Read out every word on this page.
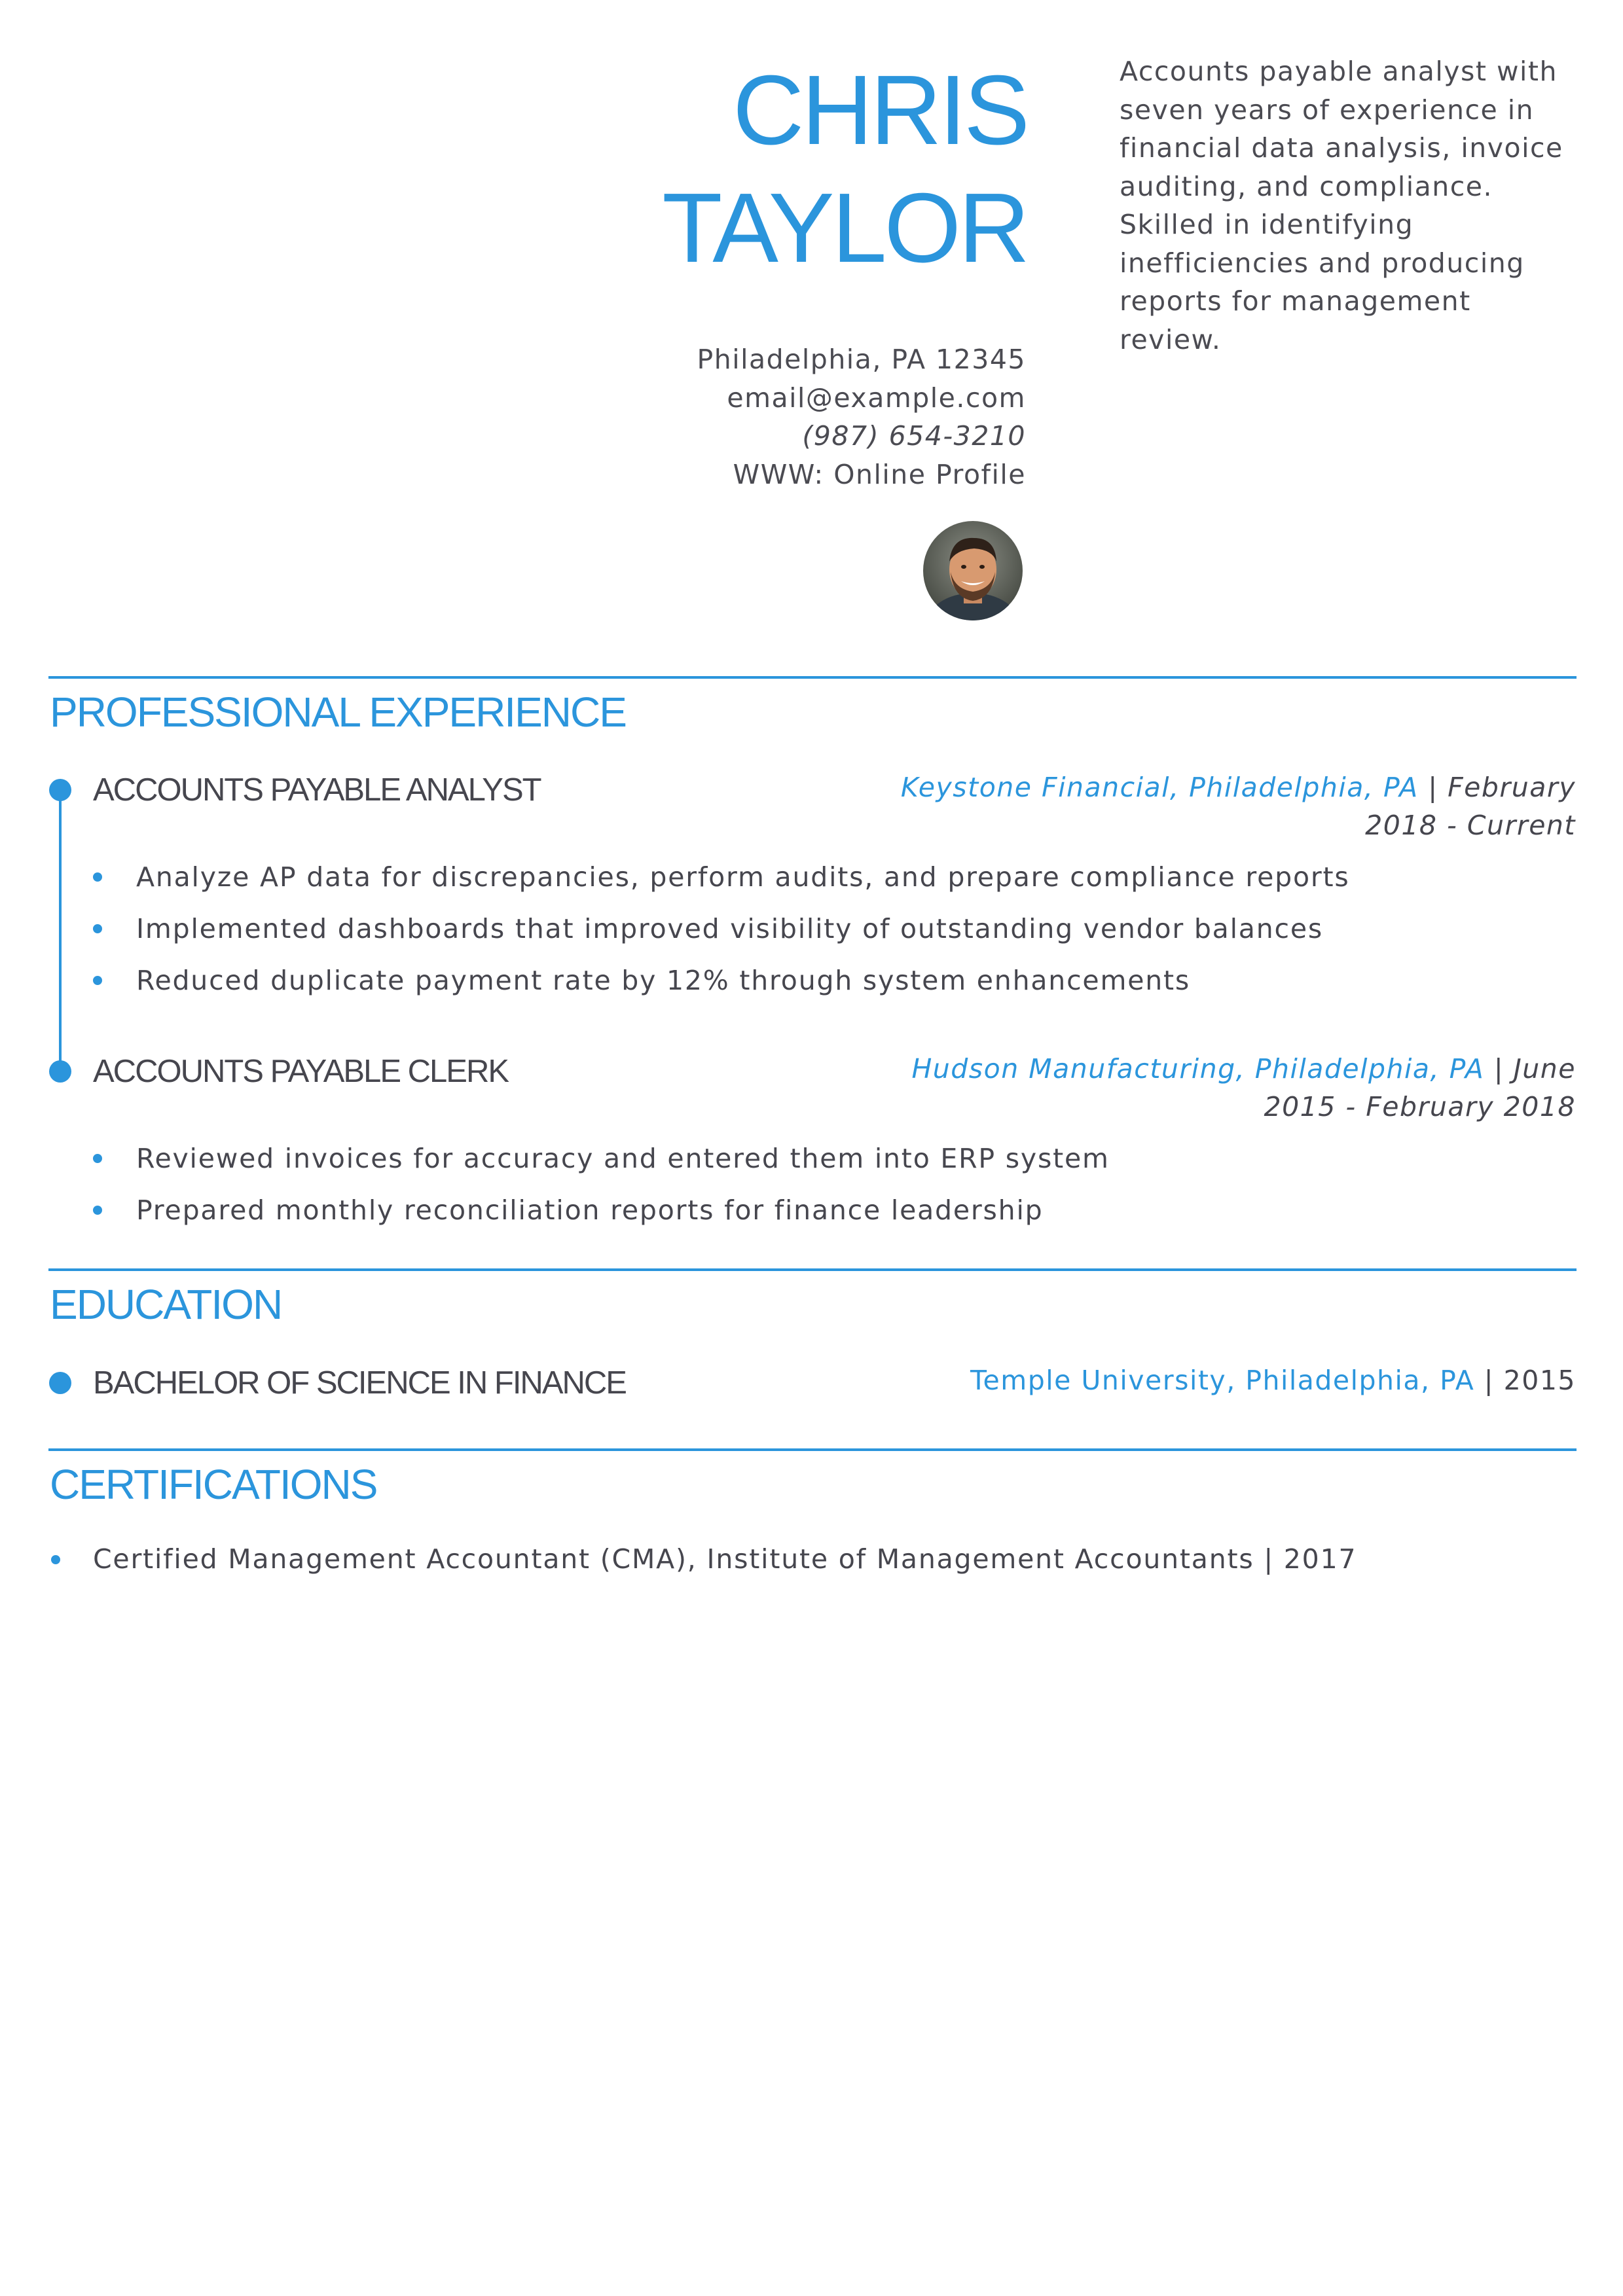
CHRIS
TAYLOR
Accounts payable analyst with seven years of experience in financial data analysis, invoice auditing, and compliance. Skilled in identifying inefficiencies and producing reports for management review.
Philadelphia, PA 12345
email@example.com
(987) 654-3210
WWW: Online Profile
PROFESSIONAL EXPERIENCE
ACCOUNTS PAYABLE ANALYST	Keystone Financial, Philadelphia, PA | February 2018 - Current
Analyze AP data for discrepancies, perform audits, and prepare compliance reports
Implemented dashboards that improved visibility of outstanding vendor balances
Reduced duplicate payment rate by 12% through system enhancements
ACCOUNTS PAYABLE CLERK	Hudson Manufacturing, Philadelphia, PA | June 2015 - February 2018
Reviewed invoices for accuracy and entered them into ERP system
Prepared monthly reconciliation reports for finance leadership
EDUCATION
BACHELOR OF SCIENCE IN FINANCE	Temple University, Philadelphia, PA | 2015
CERTIFICATIONS
Certified Management Accountant (CMA), Institute of Management Accountants | 2017
